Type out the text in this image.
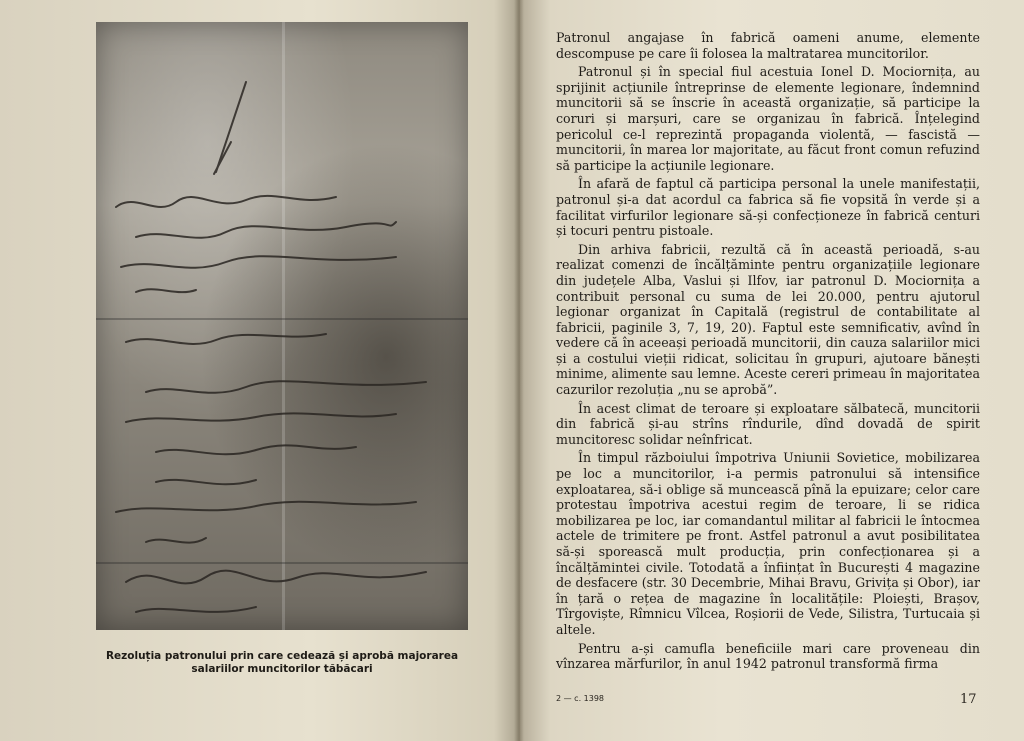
Rezoluția patronului prin care cedează și aprobă majorarea
salariilor muncitorilor tăbăcari

Patronul angajase în fabrică oameni anume, elemente descompuse pe care îi folosea la maltratarea muncitorilor.

Patronul și în special fiul acestuia Ionel D. Mociornița, au sprijinit acțiunile întreprinse de elemente legionare, îndemnind muncitorii să se înscrie în această organizație, să participe la coruri și marșuri, care se organizau în fabrică. Înțelegind pericolul ce-l reprezintă propaganda violentă, — fascistă — muncitorii, în marea lor majoritate, au făcut front comun refuzind să participe la acțiunile legionare.

În afară de faptul că participa personal la unele manifestații, patronul și-a dat acordul ca fabrica să fie vopsită în verde și a facilitat virfurilor legionare să-și confecționeze în fabrică centuri și tocuri pentru pistoale.

Din arhiva fabricii, rezultă că în această perioadă, s-au realizat comenzi de încălțăminte pentru organizațiile legionare din județele Alba, Vaslui și Ilfov, iar patronul D. Mociornița a contribuit personal cu suma de lei 20.000, pentru ajutorul legionar organizat în Capitală (registrul de contabilitate al fabricii, paginile 3, 7, 19, 20). Faptul este semnificativ, avînd în vedere că în aceeași perioadă muncitorii, din cauza salariilor mici și a costului vieții ridicat, solicitau în grupuri, ajutoare bănești minime, alimente sau lemne. Aceste cereri primeau în majoritatea cazurilor rezoluția „nu se aprobă”.

În acest climat de teroare și exploatare sălbatecă, muncitorii din fabrică și-au strîns rîndurile, dînd dovadă de spirit muncitoresc solidar neînfricat.

În timpul războiului împotriva Uniunii Sovietice, mobilizarea pe loc a muncitorilor, i-a permis patronului să intensifice exploatarea, să-i oblige să muncească pînă la epuizare; celor care protestau împotriva acestui regim de teroare, li se ridica mobilizarea pe loc, iar comandantul militar al fabricii le întocmea actele de trimitere pe front. Astfel patronul a avut posibilitatea să-și sporească mult producția, prin confecționarea și a încălțămintei civile. Totodată a înființat în București 4 magazine de desfacere (str. 30 Decembrie, Mihai Bravu, Grivița și Obor), iar în țară o rețea de magazine în localitățile: Ploiești, Brașov, Tîrgoviște, Rîmnicu Vîlcea, Roșiorii de Vede, Silistra, Turtucaia și altele.

Pentru a-și camufla beneficiile mari care proveneau din vînzarea mărfurilor, în anul 1942 patronul transformă firma

2 — c. 1398	17
